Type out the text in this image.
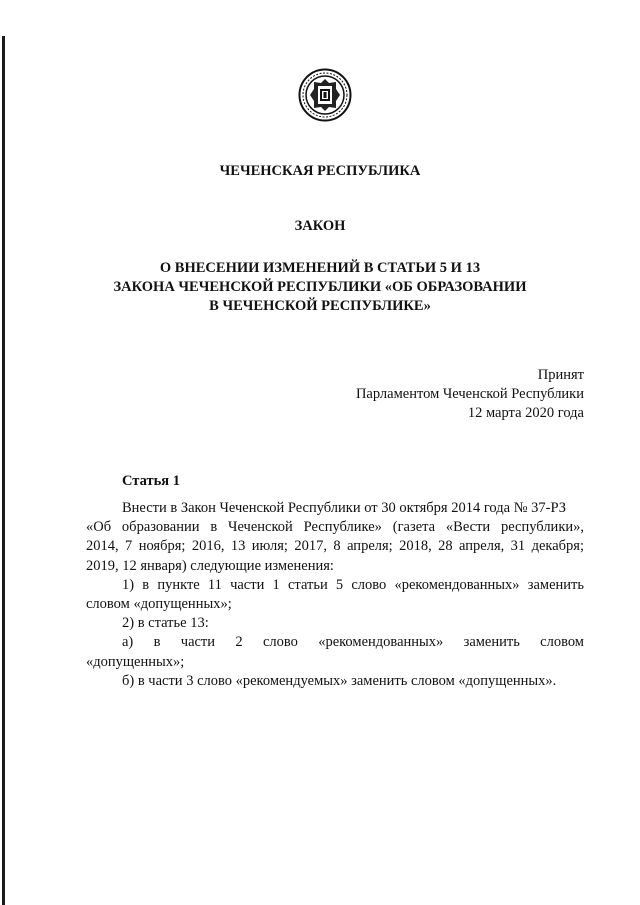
ЧЕЧЕНСКАЯ РЕСПУБЛИКА
ЗАКОН
О ВНЕСЕНИИ ИЗМЕНЕНИЙ В СТАТЬИ 5 И 13
ЗАКОНА ЧЕЧЕНСКОЙ РЕСПУБЛИКИ «ОБ ОБРАЗОВАНИИ
В ЧЕЧЕНСКОЙ РЕСПУБЛИКЕ»
Принят
Парламентом Чеченской Республики
12 марта 2020 года
Статья 1
Внести в Закон Чеченской Республики от 30 октября 2014 года № 37-РЗ
«Об образовании в Чеченской Республике» (газета «Вести республики»,
2014, 7 ноября; 2016, 13 июля; 2017, 8 апреля; 2018, 28 апреля, 31 декабря;
2019, 12 января) следующие изменения:
1) в пункте 11 части 1 статьи 5 слово «рекомендованных» заменить
словом «допущенных»;
2) в статье 13:
а) в части 2 слово «рекомендованных» заменить словом
«допущенных»;
б) в части 3 слово «рекомендуемых» заменить словом «допущенных».
